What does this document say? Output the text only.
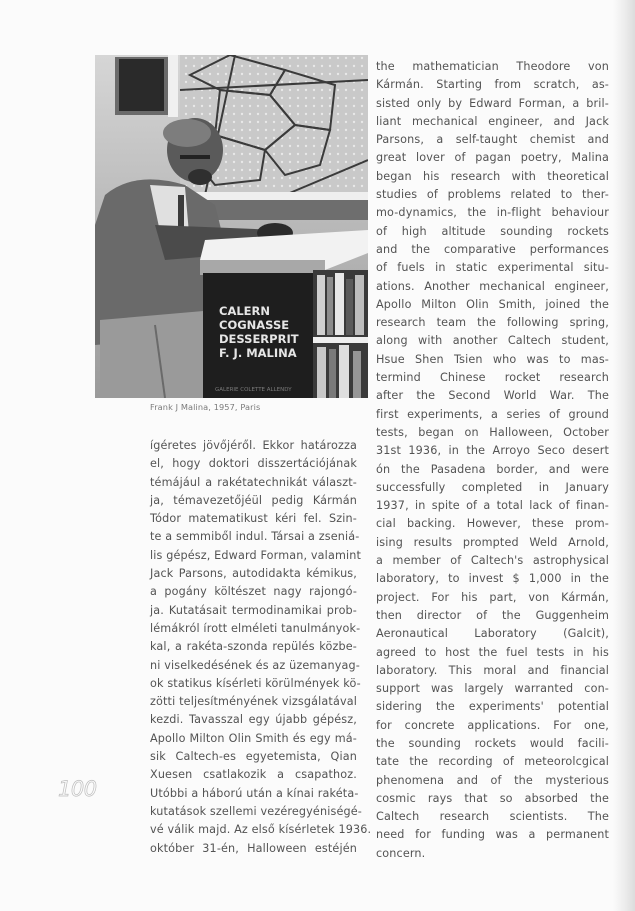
CALERN
COGNASSE
DESSERPRIT
F. J. MALINA
GALERIE COLETTE ALLENDY
Frank J Malina, 1957, Paris
ígéretes jövőjéről. Ekkor határozza
el, hogy doktori disszertációjának
témájául a rakétatechnikát választ-
ja, témavezetőjéül pedig Kármán
Tódor matematikust kéri fel. Szin-
te a semmiből indul. Társai a zseniá-
lis gépész, Edward Forman, valamint
Jack Parsons, autodidakta kémikus,
a pogány költészet nagy rajongó-
ja. Kutatásait termodinamikai prob-
lémákról írott elméleti tanulmányok-
kal, a rakéta-szonda repülés közbe-
ni viselkedésének és az üzemanyag-
ok statikus kísérleti körülmények kö-
zötti teljesítményének vizsgálatával
kezdi. Tavasszal egy újabb gépész,
Apollo Milton Olin Smith és egy má-
sik Caltech-es egyetemista, Qian
Xuesen csatlakozik a csapathoz.
Utóbbi a háború után a kínai rakéta-
kutatások szellemi vezéregyéniségé-
vé válik majd. Az első kísérletek 1936.
október 31-én, Halloween estéjén
the mathematician Theodore von
Kármán. Starting from scratch, as-
sisted only by Edward Forman, a bril-
liant mechanical engineer, and Jack
Parsons, a self-taught chemist and
great lover of pagan poetry, Malina
began his research with theoretical
studies of problems related to ther-
mo-dynamics, the in-flight behaviour
of high altitude sounding rockets
and the comparative performances
of fuels in static experimental situ-
ations. Another mechanical engineer,
Apollo Milton Olin Smith, joined the
research team the following spring,
along with another Caltech student,
Hsue Shen Tsien who was to mas-
termind Chinese rocket research
after the Second World War. The
first experiments, a series of ground
tests, began on Halloween, October
31st 1936, in the Arroyo Seco desert
ón the Pasadena border, and were
successfully completed in January
1937, in spite of a total lack of finan-
cial backing. However, these prom-
ising results prompted Weld Arnold,
a member of Caltech's astrophysical
laboratory, to invest $ 1,000 in the
project. For his part, von Kármán,
then director of the Guggenheim
Aeronautical Laboratory (Galcit),
agreed to host the fuel tests in his
laboratory. This moral and financial
support was largely warranted con-
sidering the experiments' potential
for concrete applications. For one,
the sounding rockets would facili-
tate the recording of meteorolcgical
phenomena and of the mysterious
cosmic rays that so absorbed the
Caltech research scientists. The
need for funding was a permanent
concern.
100
